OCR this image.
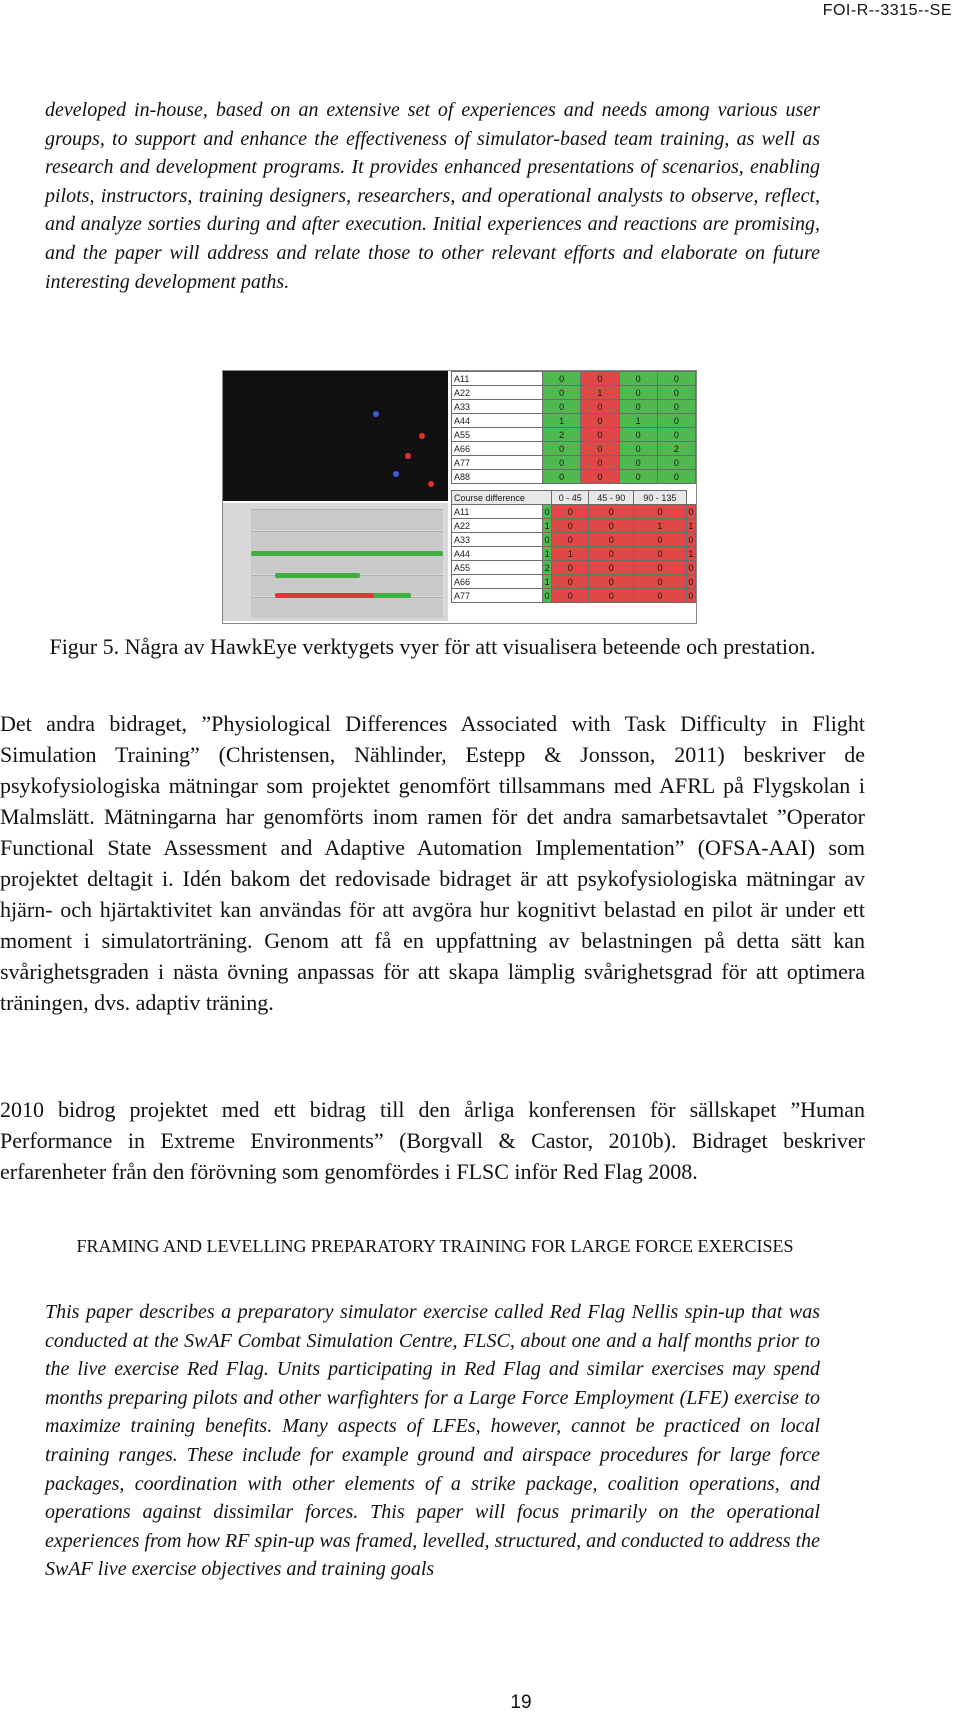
FOI-R--3315--SE
developed in-house, based on an extensive set of experiences and needs among various user groups, to support and enhance the effectiveness of simulator-based team training, as well as research and development programs. It provides enhanced presentations of scenarios, enabling pilots, instructors, training designers, researchers, and operational analysts to observe, reflect, and analyze sorties during and after execution. Initial experiences and reactions are promising, and the paper will address and relate those to other relevant efforts and elaborate on future interesting development paths.
A11	0	0	0	0
A22	0	1	0	0
A33	0	0	0	0
A44	1	0	1	0
A55	2	0	0	0
A66	0	0	0	2
A77	0	0	0	0
A88	0	0	0	0
Course difference		0 - 45	45 - 90	90 - 135	
A11	0	0	0	0	0
A22	1	0	0	1	1
A33	0	0	0	0	0
A44	1	1	0	0	1
A55	2	0	0	0	0
A66	1	0	0	0	0
A77	0	0	0	0	0
Figur 5. Några av HawkEye verktygets vyer för att visualisera beteende och prestation.
Det andra bidraget, ”Physiological Differences Associated with Task Difficulty in Flight Simulation Training” (Christensen, Nählinder, Estepp & Jonsson, 2011) beskriver de psykofysiologiska mätningar som projektet genomfört tillsammans med AFRL på Flygskolan i Malmslätt. Mätningarna har genomförts inom ramen för det andra samarbetsavtalet ”Operator Functional State Assessment and Adaptive Automation Implementation” (OFSA-AAI) som projektet deltagit i. Idén bakom det redovisade bidraget är att psykofysiologiska mätningar av hjärn- och hjärtaktivitet kan användas för att avgöra hur kognitivt belastad en pilot är under ett moment i simulatorträning. Genom att få en uppfattning av belastningen på detta sätt kan svårighetsgraden i nästa övning anpassas för att skapa lämplig svårighetsgrad för att optimera träningen, dvs. adaptiv träning.
2010 bidrog projektet med ett bidrag till den årliga konferensen för sällskapet ”Human Performance in Extreme Environments” (Borgvall & Castor, 2010b). Bidraget beskriver erfarenheter från den förövning som genomfördes i FLSC inför Red Flag 2008.
FRAMING AND LEVELLING PREPARATORY TRAINING FOR LARGE FORCE EXERCISES
This paper describes a preparatory simulator exercise called Red Flag Nellis spin-up that was conducted at the SwAF Combat Simulation Centre, FLSC, about one and a half months prior to the live exercise Red Flag. Units participating in Red Flag and similar exercises may spend months preparing pilots and other warfighters for a Large Force Employment (LFE) exercise to maximize training benefits. Many aspects of LFEs, however, cannot be practiced on local training ranges. These include for example ground and airspace procedures for large force packages, coordination with other elements of a strike package, coalition operations, and operations against dissimilar forces. This paper will focus primarily on the operational experiences from how RF spin-up was framed, levelled, structured, and conducted to address the SwAF live exercise objectives and training goals
19
